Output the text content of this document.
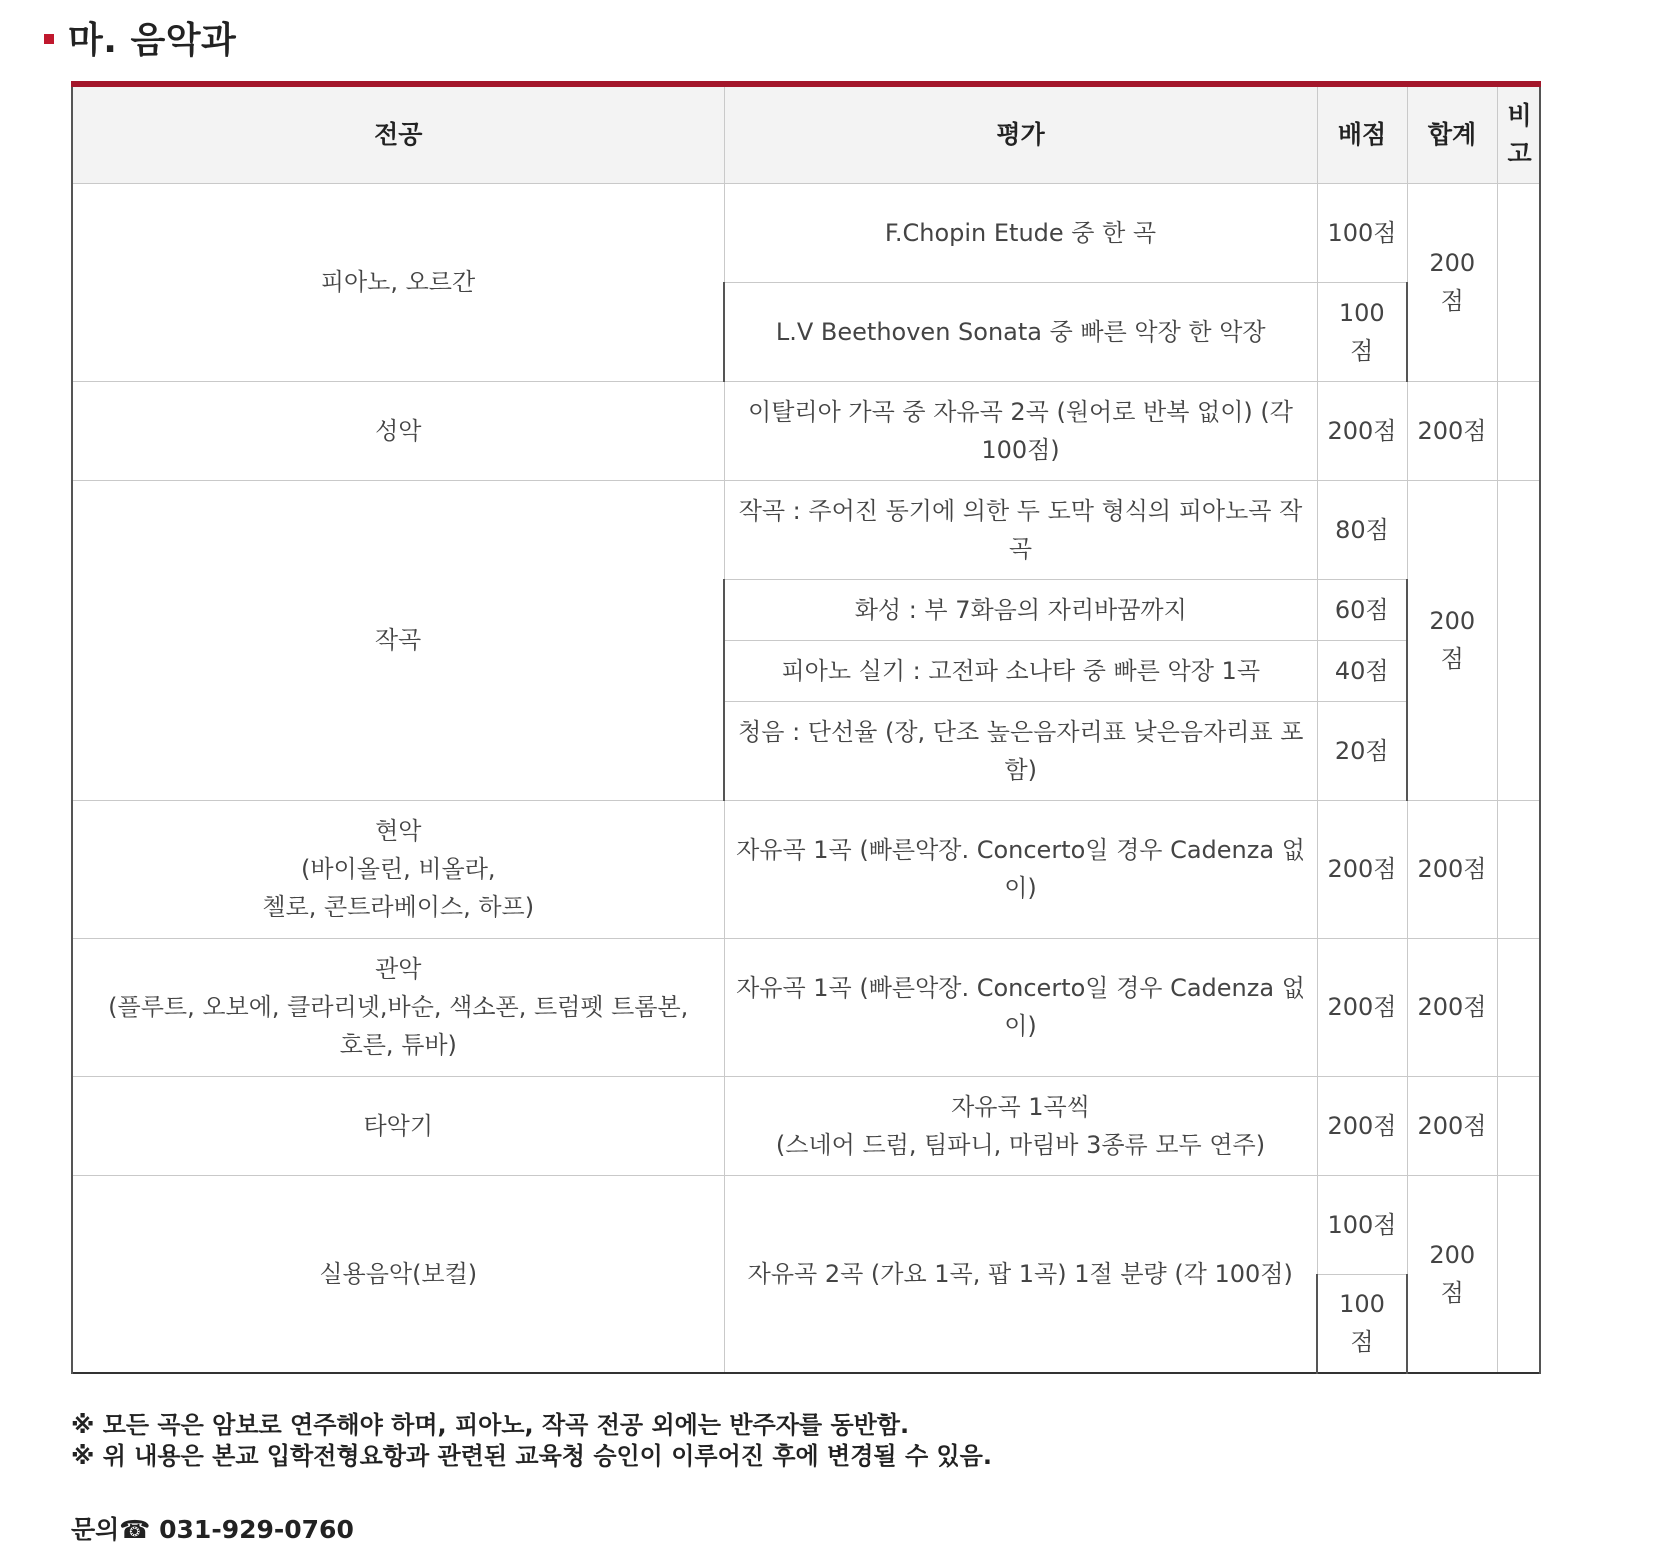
마. 음악과
전공	평가	배점	합계	비고
피아노, 오르간	F.Chopin Etude 중 한 곡	100점	200점	
	L.V Beethoven Sonata 중 빠른 악장 한 악장	100점		
성악	이탈리아 가곡 중 자유곡 2곡 (원어로 반복 없이) (각 100점)	200점	200점	
작곡	작곡 : 주어진 동기에 의한 두 도막 형식의 피아노곡 작곡	80점	200점	
	화성 : 부 7화음의 자리바꿈까지	60점		
	피아노 실기 : 고전파 소나타 중 빠른 악장 1곡	40점		
	청음 : 단선율 (장, 단조 높은음자리표 낮은음자리표 포함)	20점		

현악
(바이올린, 비올라,
첼로, 콘트라베이스, 하프)	자유곡 1곡 (빠른악장. Concerto일 경우 Cadenza 없이)	200점	200점	

관악
(플루트, 오보에, 클라리넷,바순, 색소폰, 트럼펫 트롬본,
호른, 튜바)	자유곡 1곡 (빠른악장. Concerto일 경우 Cadenza 없이)	200점	200점	
타악기	자유곡 1곡씩
(스네어 드럼, 팀파니, 마림바 3종류 모두 연주)	200점	200점	
실용음악(보컬)	자유곡 2곡 (가요 1곡, 팝 1곡) 1절 분량 (각 100점)	100점	200점	
		100점		

※ 모든 곡은 암보로 연주해야 하며, 피아노, 작곡 전공 외에는 반주자를 동반함.

※ 위 내용은 본교 입학전형요항과 관련된 교육청 승인이 이루어진 후에 변경될 수 있음.

문의☎ 031-929-0760
